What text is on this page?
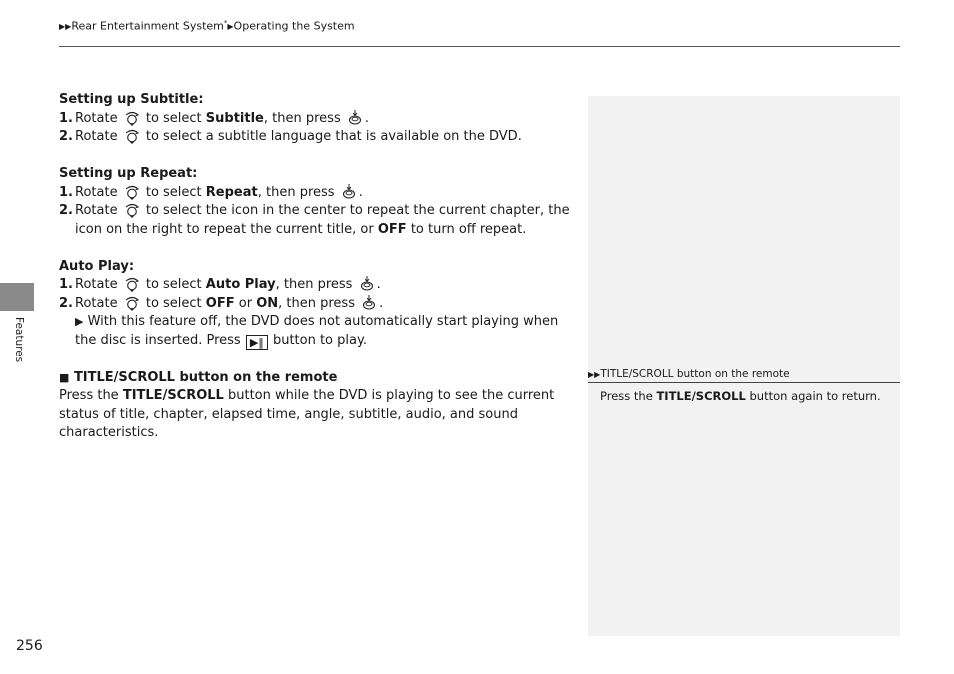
▶▶Rear Entertainment System*▶Operating the System
Features
256

Setting up Subtitle:

1. Rotate to select Subtitle, then press .

2. Rotate to select a subtitle language that is available on the DVD.

Setting up Repeat:

1. Rotate to select Repeat, then press .

2. Rotate to select the icon in the center to repeat the current chapter, the icon on the right to repeat the current title, or OFF to turn off repeat.

Auto Play:

1. Rotate to select Auto Play, then press .

2. Rotate to select OFF or ON, then press .

▶ With this feature off, the DVD does not automatically start playing when the disc is inserted. Press ▶‖ button to play.

■ TITLE/SCROLL button on the remote

Press the TITLE/SCROLL button while the DVD is playing to see the current status of title, chapter, elapsed time, angle, subtitle, audio, and sound characteristics.

▶▶TITLE/SCROLL button on the remote
Press the TITLE/SCROLL button again to return.
